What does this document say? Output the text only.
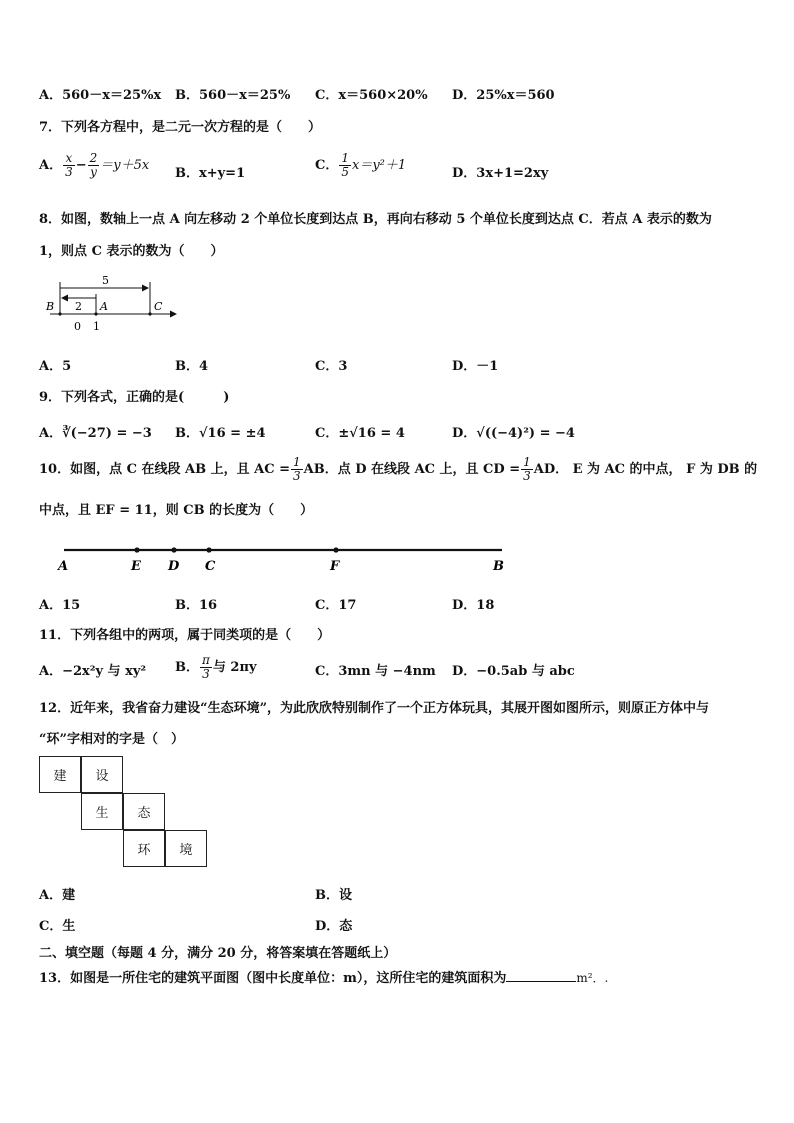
A．560－x＝25%x B．560－x＝25% C．x＝560×20% D．25%x＝560
7．下列各方程中，是二元一次方程的是（　　）
A． $\frac{x}{3} - \frac{2}{y} =y+5x$
B．x+y=1
C． $\frac{1}{5} x=y^2+1$
D．3x+1=2xy
8．如图，数轴上一点 A 向左移动 2 个单位长度到达点 B，再向右移动 5 个单位长度到达点 C．若点 A 表示的数为
1，则点 C 表示的数为（　　）
5
2
B	A	C
0 1
A．5	B．4	C．3	D．－1
9．下列各式，正确的是(　　　)
A．∛(−27) = −3 B．√16 = ±4	C．±√16 = 4	D．√((−4)²) = −4
10．如图，点 C 在线段 AB 上，且 AC = $\frac{1}{3}$ AB．点 D 在线段 AC 上，且 CD = $\frac{1}{3}$ AD． E 为 AC 的中点， F 为 DB 的
中点，且 EF = 11，则 CB 的长度为（　　）
A	E D C	F	B
A．15	B．16	C．17	D．18
11．下列各组中的两项，属于同类项的是（　　）
A．−2x²y 与 xy² B． $\frac{\pi}{3}$ 与 2πy	C．3mn 与 −4nm D．−0.5ab 与 abc
12．近年来，我省奋力建设“生态环境”，为此欣欣特别制作了一个正方体玩具，其展开图如图所示，则原正方体中与
“环”字相对的字是（　）
建	设
生	态
环	境
A．建	B．设
C．生	D．态
二、填空题（每题 4 分，满分 20 分，将答案填在答题纸上）
13．如图是一所住宅的建筑平面图（图中长度单位：m），这所住宅的建筑面积为	m²．.
